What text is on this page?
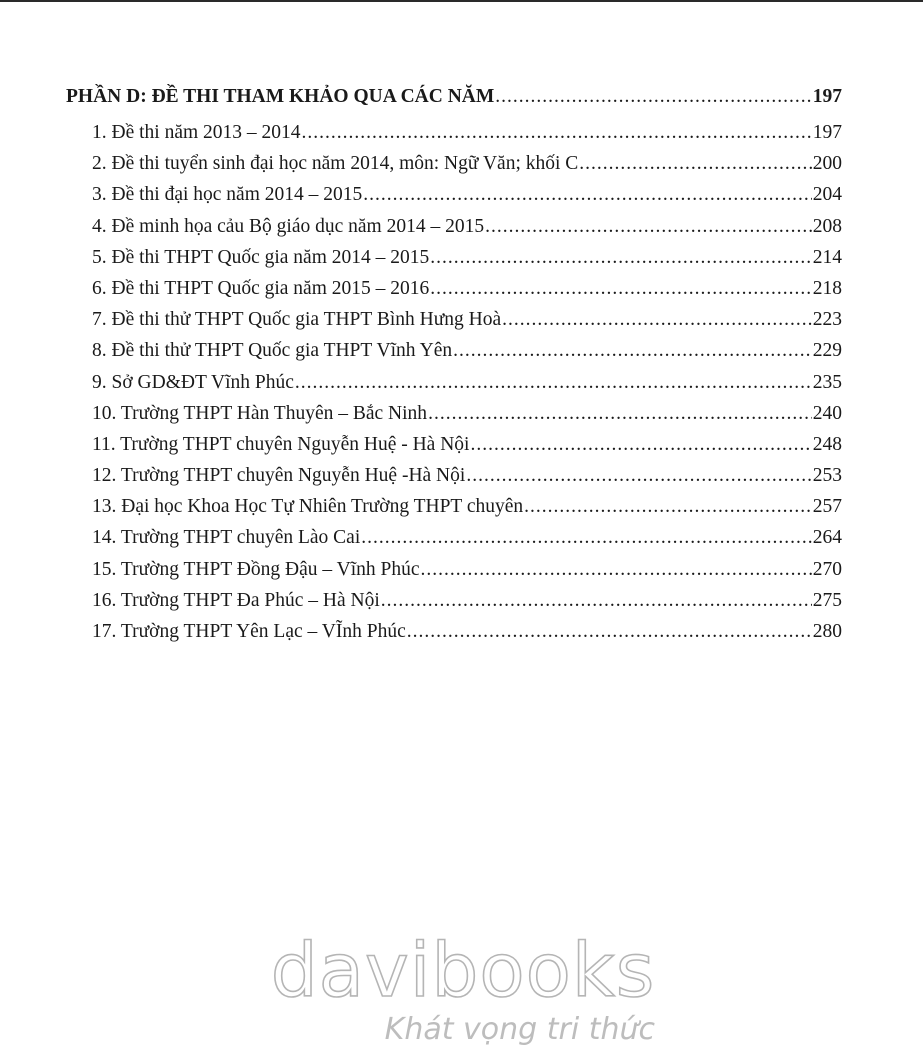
PHẦN D: ĐỀ THI THAM KHẢO QUA CÁC NĂM .....	197
1. Đề thi năm 2013 – 2014 .....	197
2. Đề thi tuyển sinh đại học năm 2014, môn: Ngữ Văn; khối C .....	200
3. Đề thi đại học năm 2014 – 2015 .....	204
4. Đề minh họa cảu Bộ giáo dục năm 2014 – 2015 .....	208
5. Đề thi THPT Quốc gia năm 2014 – 2015 .....	214
6. Đề thi THPT Quốc gia năm 2015 – 2016 .....	218
7. Đề thi thử THPT Quốc gia THPT Bình Hưng Hoà .....	223
8. Đề thi thử THPT Quốc gia THPT Vĩnh Yên .....	229
9. Sở GD&ĐT Vĩnh Phúc .....	235
10. Trường THPT Hàn Thuyên – Bắc Ninh .....	240
11. Trường THPT chuyên Nguyễn Huệ - Hà Nội .....	248
12. Trường THPT chuyên Nguyễn Huệ -Hà Nội .....	253
13. Đại học Khoa Học Tự Nhiên Trường THPT chuyên .....	257
14. Trường THPT chuyên Lào Cai .....	264
15. Trường THPT Đồng Đậu – Vĩnh Phúc .....	270
16. Trường THPT Đa Phúc – Hà Nội .....	275
17. Trường THPT Yên Lạc – VĨnh Phúc .....	280
davibooks
Khát vọng tri thức
